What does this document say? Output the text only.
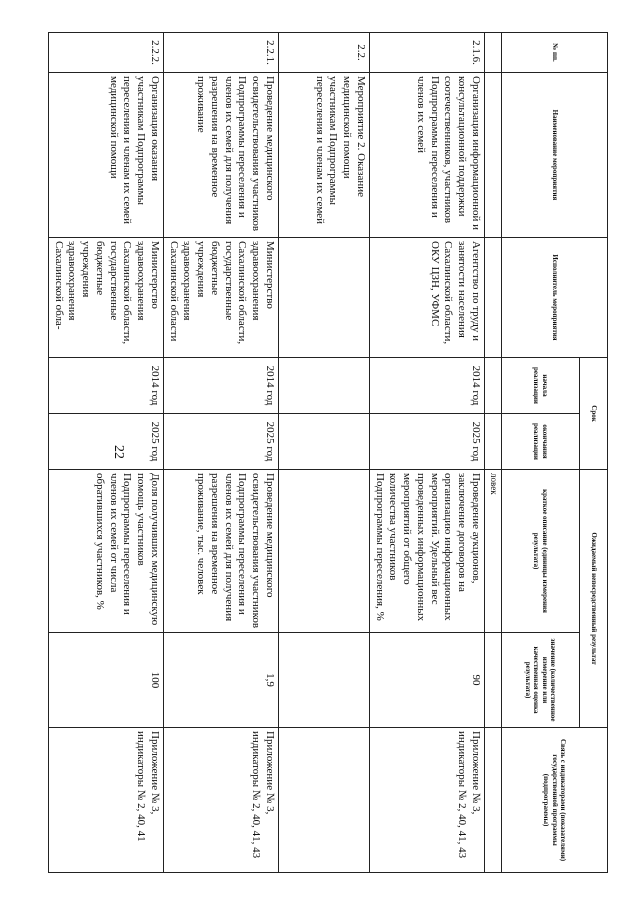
22
№ пп.	Наименование мероприятия	Исполнитель мероприятия	Срок		Ожидаемый непосредственный результат		Связь с индикаторами (показателями) государственной программы (подпрограммы)
			начала реализации	окончания реализации	краткое описание (единицы измерения результата)	значение (количественное измерение или качественная оценка результата)	
					ловек		
2.1.6.	Организация информационной и консультационной поддержки соотечественников, участников Подпрограммы переселения и членов их семей	Агентство по труду и занятости населения Сахалинской области, ОКУ ЦЗН, УФМС	2014 год	2025 год	Проведение аукционов, заключение договоров на организацию информационных мероприятий. Удельный вес проведенных информационных мероприятий от общего количества участников Подпрограммы переселения, %	90	Приложение № 3, индикаторы № 2, 40, 41, 43
2.2.	Мероприятие 2. Оказание медицинской помощи участникам Подпрограммы переселения и членам их семей						
2.2.1.	Проведение медицинского освидетельствования участников Подпрограммы переселения и членов их семей для получения разрешения на временное проживание	Министерство здравоохранения Сахалинской области, государственные бюджетные учреждения здравоохранения Сахалинской области	2014 год	2025 год	Проведение медицинского освидетельствования участников Подпрограммы переселения и членов их семей для получения разрешения на временное проживание, тыс. человек	1,9	Приложение № 3, индикаторы № 2, 40, 41, 43
2.2.2.	Организация оказания участникам Подпрограммы переселения и членам их семей медицинской помощи	Министерство здравоохранения Сахалинской области, государственные бюджетные учреждения здравоохранения Сахалинской обла-	2014 год	2025 год	Доля получивших медицинскую помощь участников Подпрограммы переселения и членов их семей от числа обратившихся участников, %	100	Приложение № 3, индикаторы № 2, 40, 41
